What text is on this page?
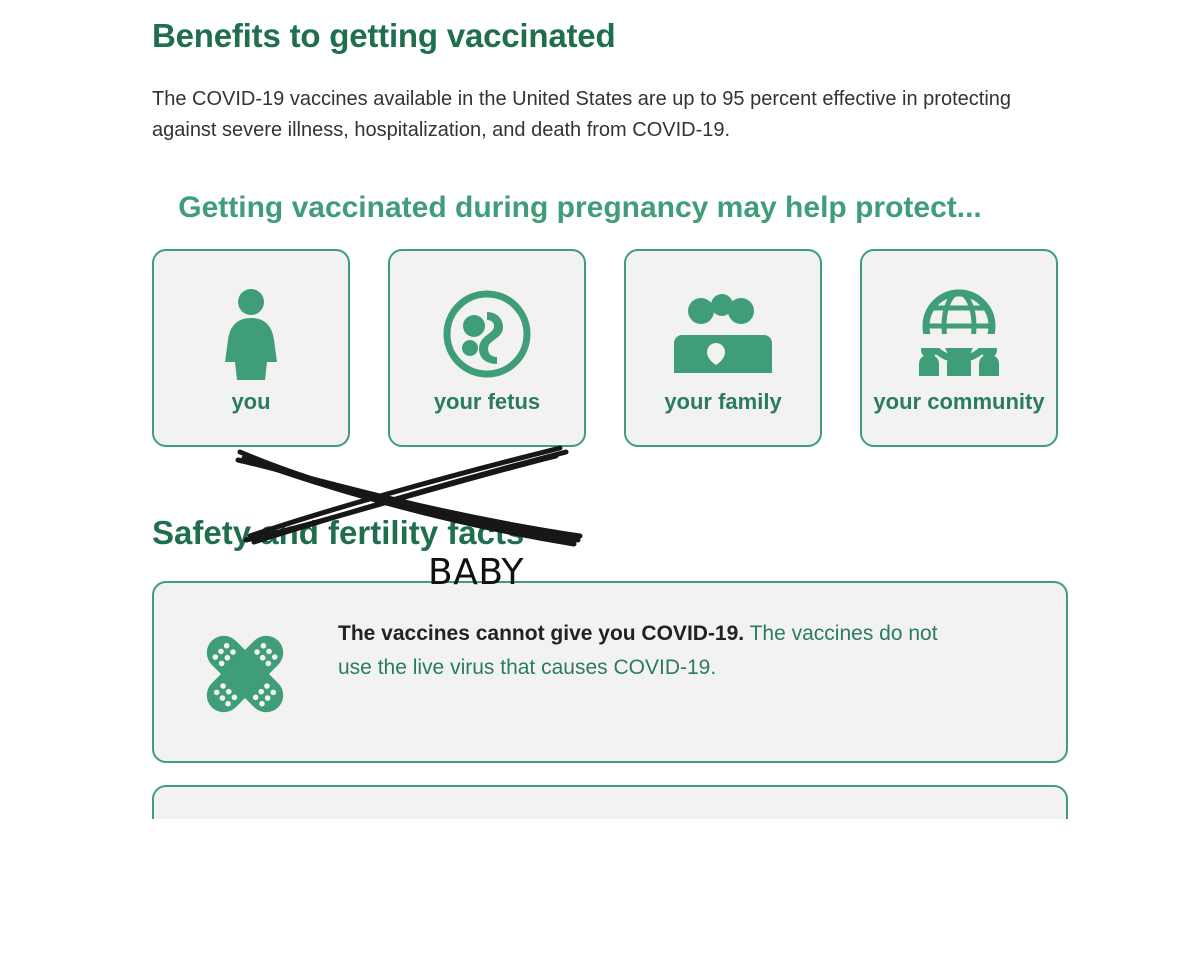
Benefits to getting vaccinated

The COVID-19 vaccines available in the United States are up to 95 percent effective in protecting against severe illness, hospitalization, and death from COVID-19.

Getting vaccinated during pregnancy may help protect...

you	your fetus	your family	your community
BABY
Safety and fertility facts
The vaccines cannot give you COVID-19. The vaccines do not use the live virus that causes COVID-19.
